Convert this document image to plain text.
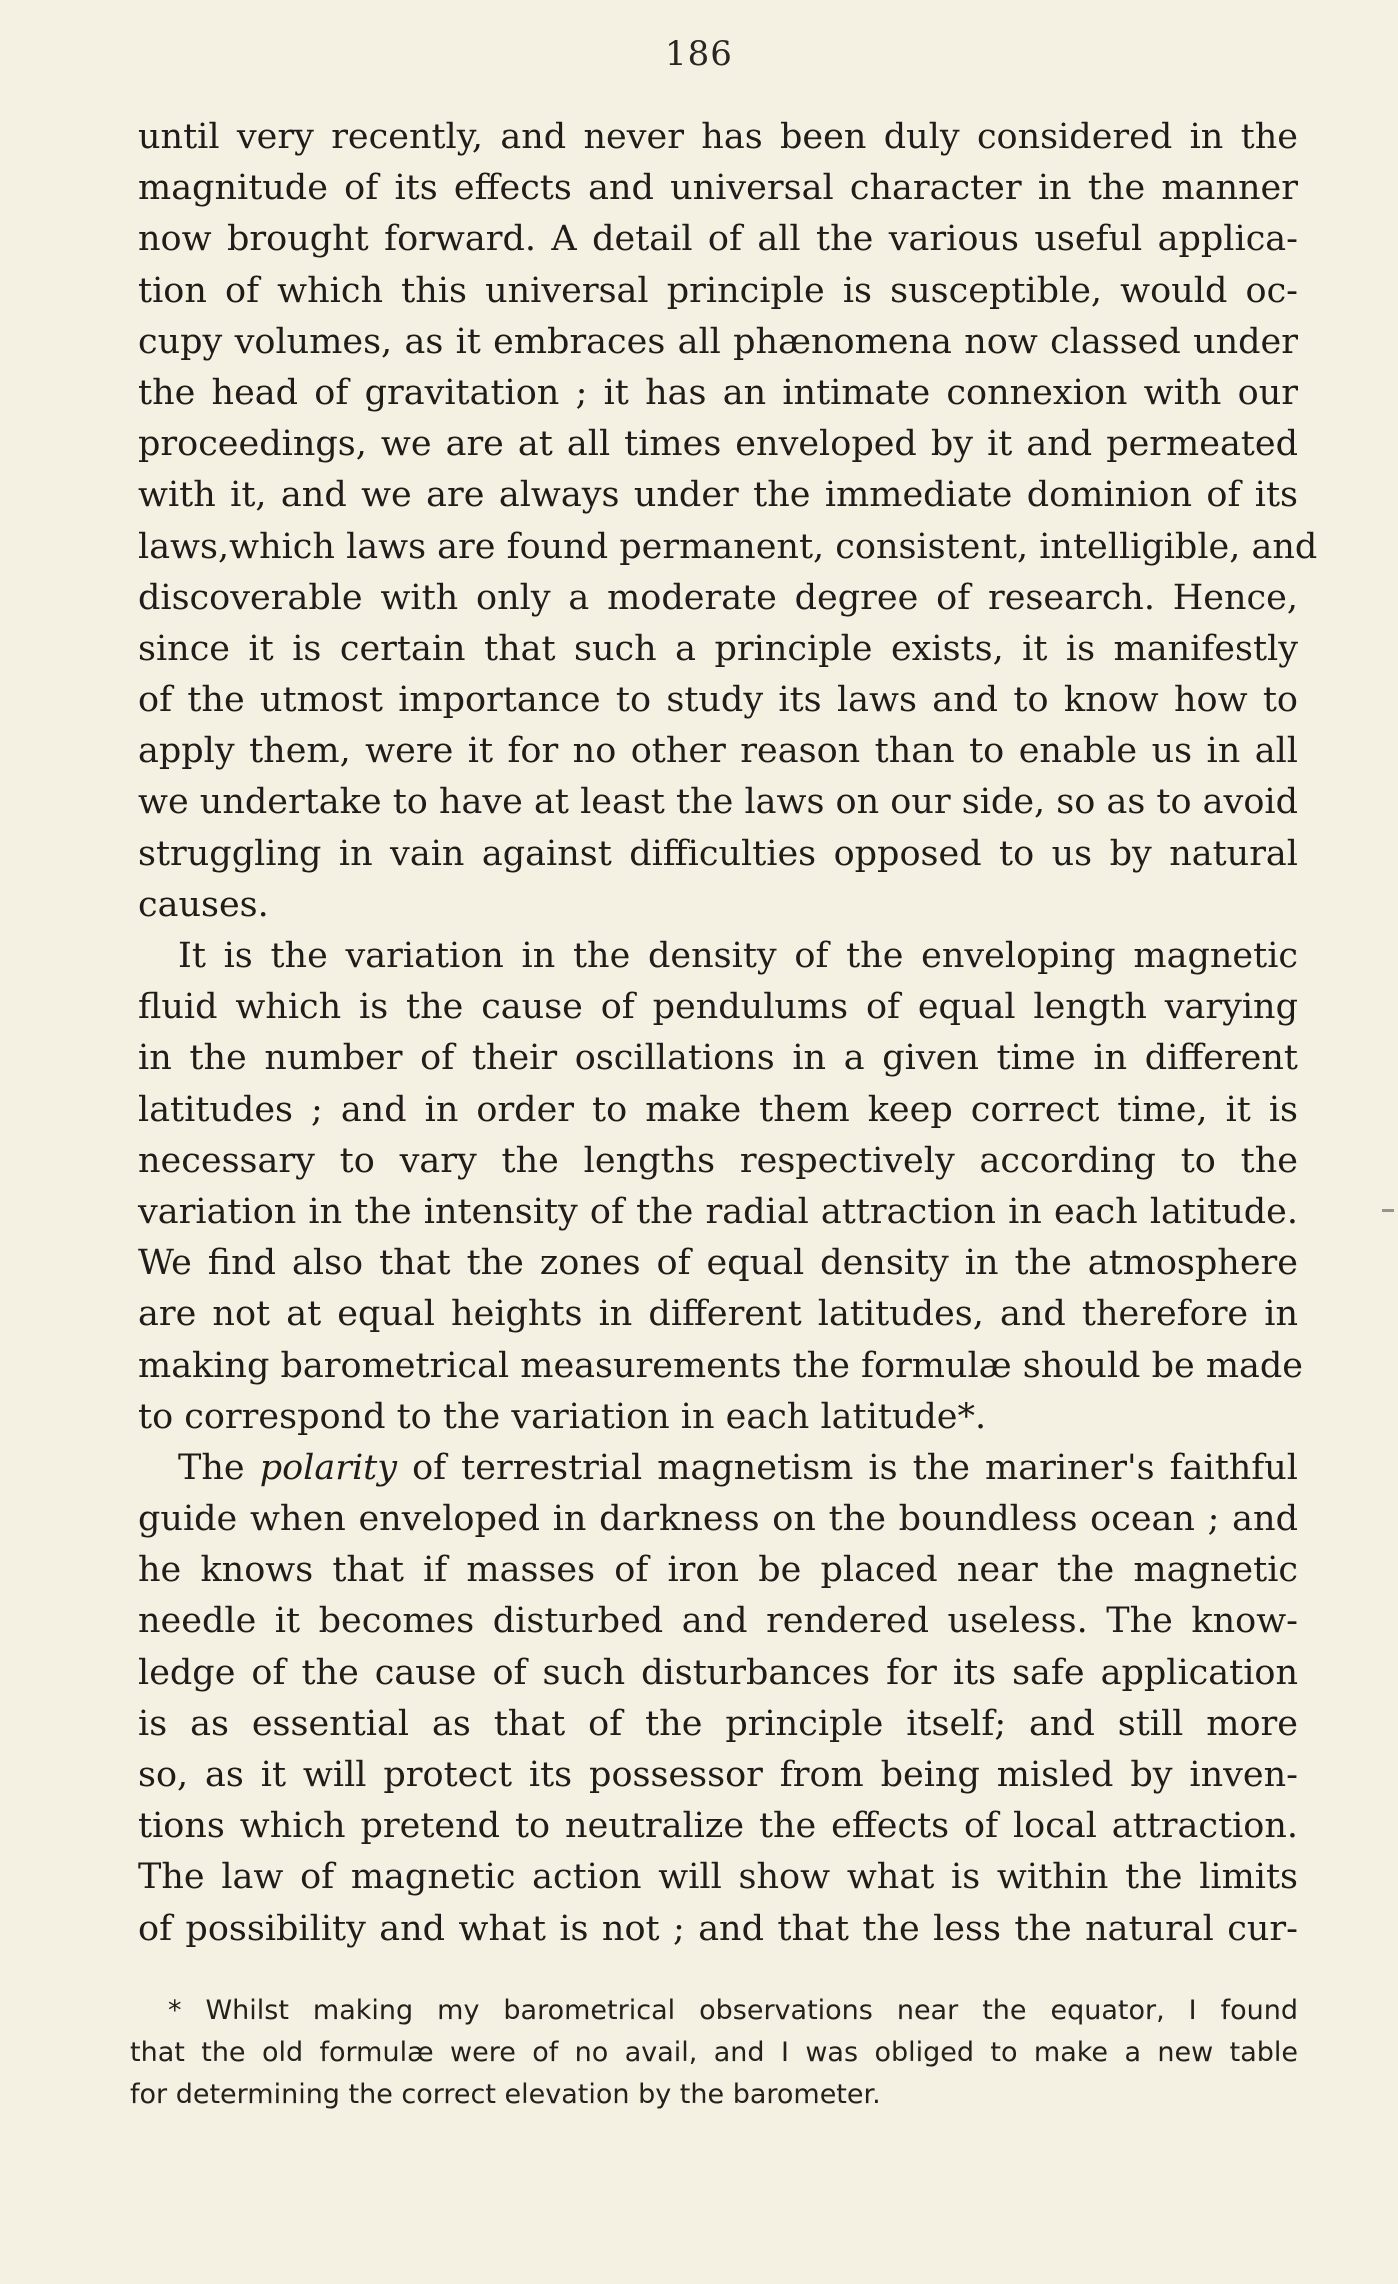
186
until very recently, and never has been duly considered in the
magnitude of its effects and universal character in the manner
now brought forward. A detail of all the various useful applica-
tion of which this universal principle is susceptible, would oc-
cupy volumes, as it embraces all phænomena now classed under
the head of gravitation ; it has an intimate connexion with our
proceedings, we are at all times enveloped by it and permeated
with it, and we are always under the immediate dominion of its
laws,which laws are found permanent, consistent, intelligible, and
discoverable with only a moderate degree of research. Hence,
since it is certain that such a principle exists, it is manifestly
of the utmost importance to study its laws and to know how to
apply them, were it for no other reason than to enable us in all
we undertake to have at least the laws on our side, so as to avoid
struggling in vain against difficulties opposed to us by natural
causes.
It is the variation in the density of the enveloping magnetic
fluid which is the cause of pendulums of equal length varying
in the number of their oscillations in a given time in different
latitudes ; and in order to make them keep correct time, it is
necessary to vary the lengths respectively according to the
variation in the intensity of the radial attraction in each latitude.
We find also that the zones of equal density in the atmosphere
are not at equal heights in different latitudes, and therefore in
making barometrical measurements the formulæ should be made
to correspond to the variation in each latitude*.
The polarity of terrestrial magnetism is the mariner's faithful
guide when enveloped in darkness on the boundless ocean ; and
he knows that if masses of iron be placed near the magnetic
needle it becomes disturbed and rendered useless. The know-
ledge of the cause of such disturbances for its safe application
is as essential as that of the principle itself; and still more
so, as it will protect its possessor from being misled by inven-
tions which pretend to neutralize the effects of local attraction.
The law of magnetic action will show what is within the limits
of possibility and what is not ; and that the less the natural cur-
* Whilst making my barometrical observations near the equator, I found
that the old formulæ were of no avail, and I was obliged to make a new table
for determining the correct elevation by the barometer.
